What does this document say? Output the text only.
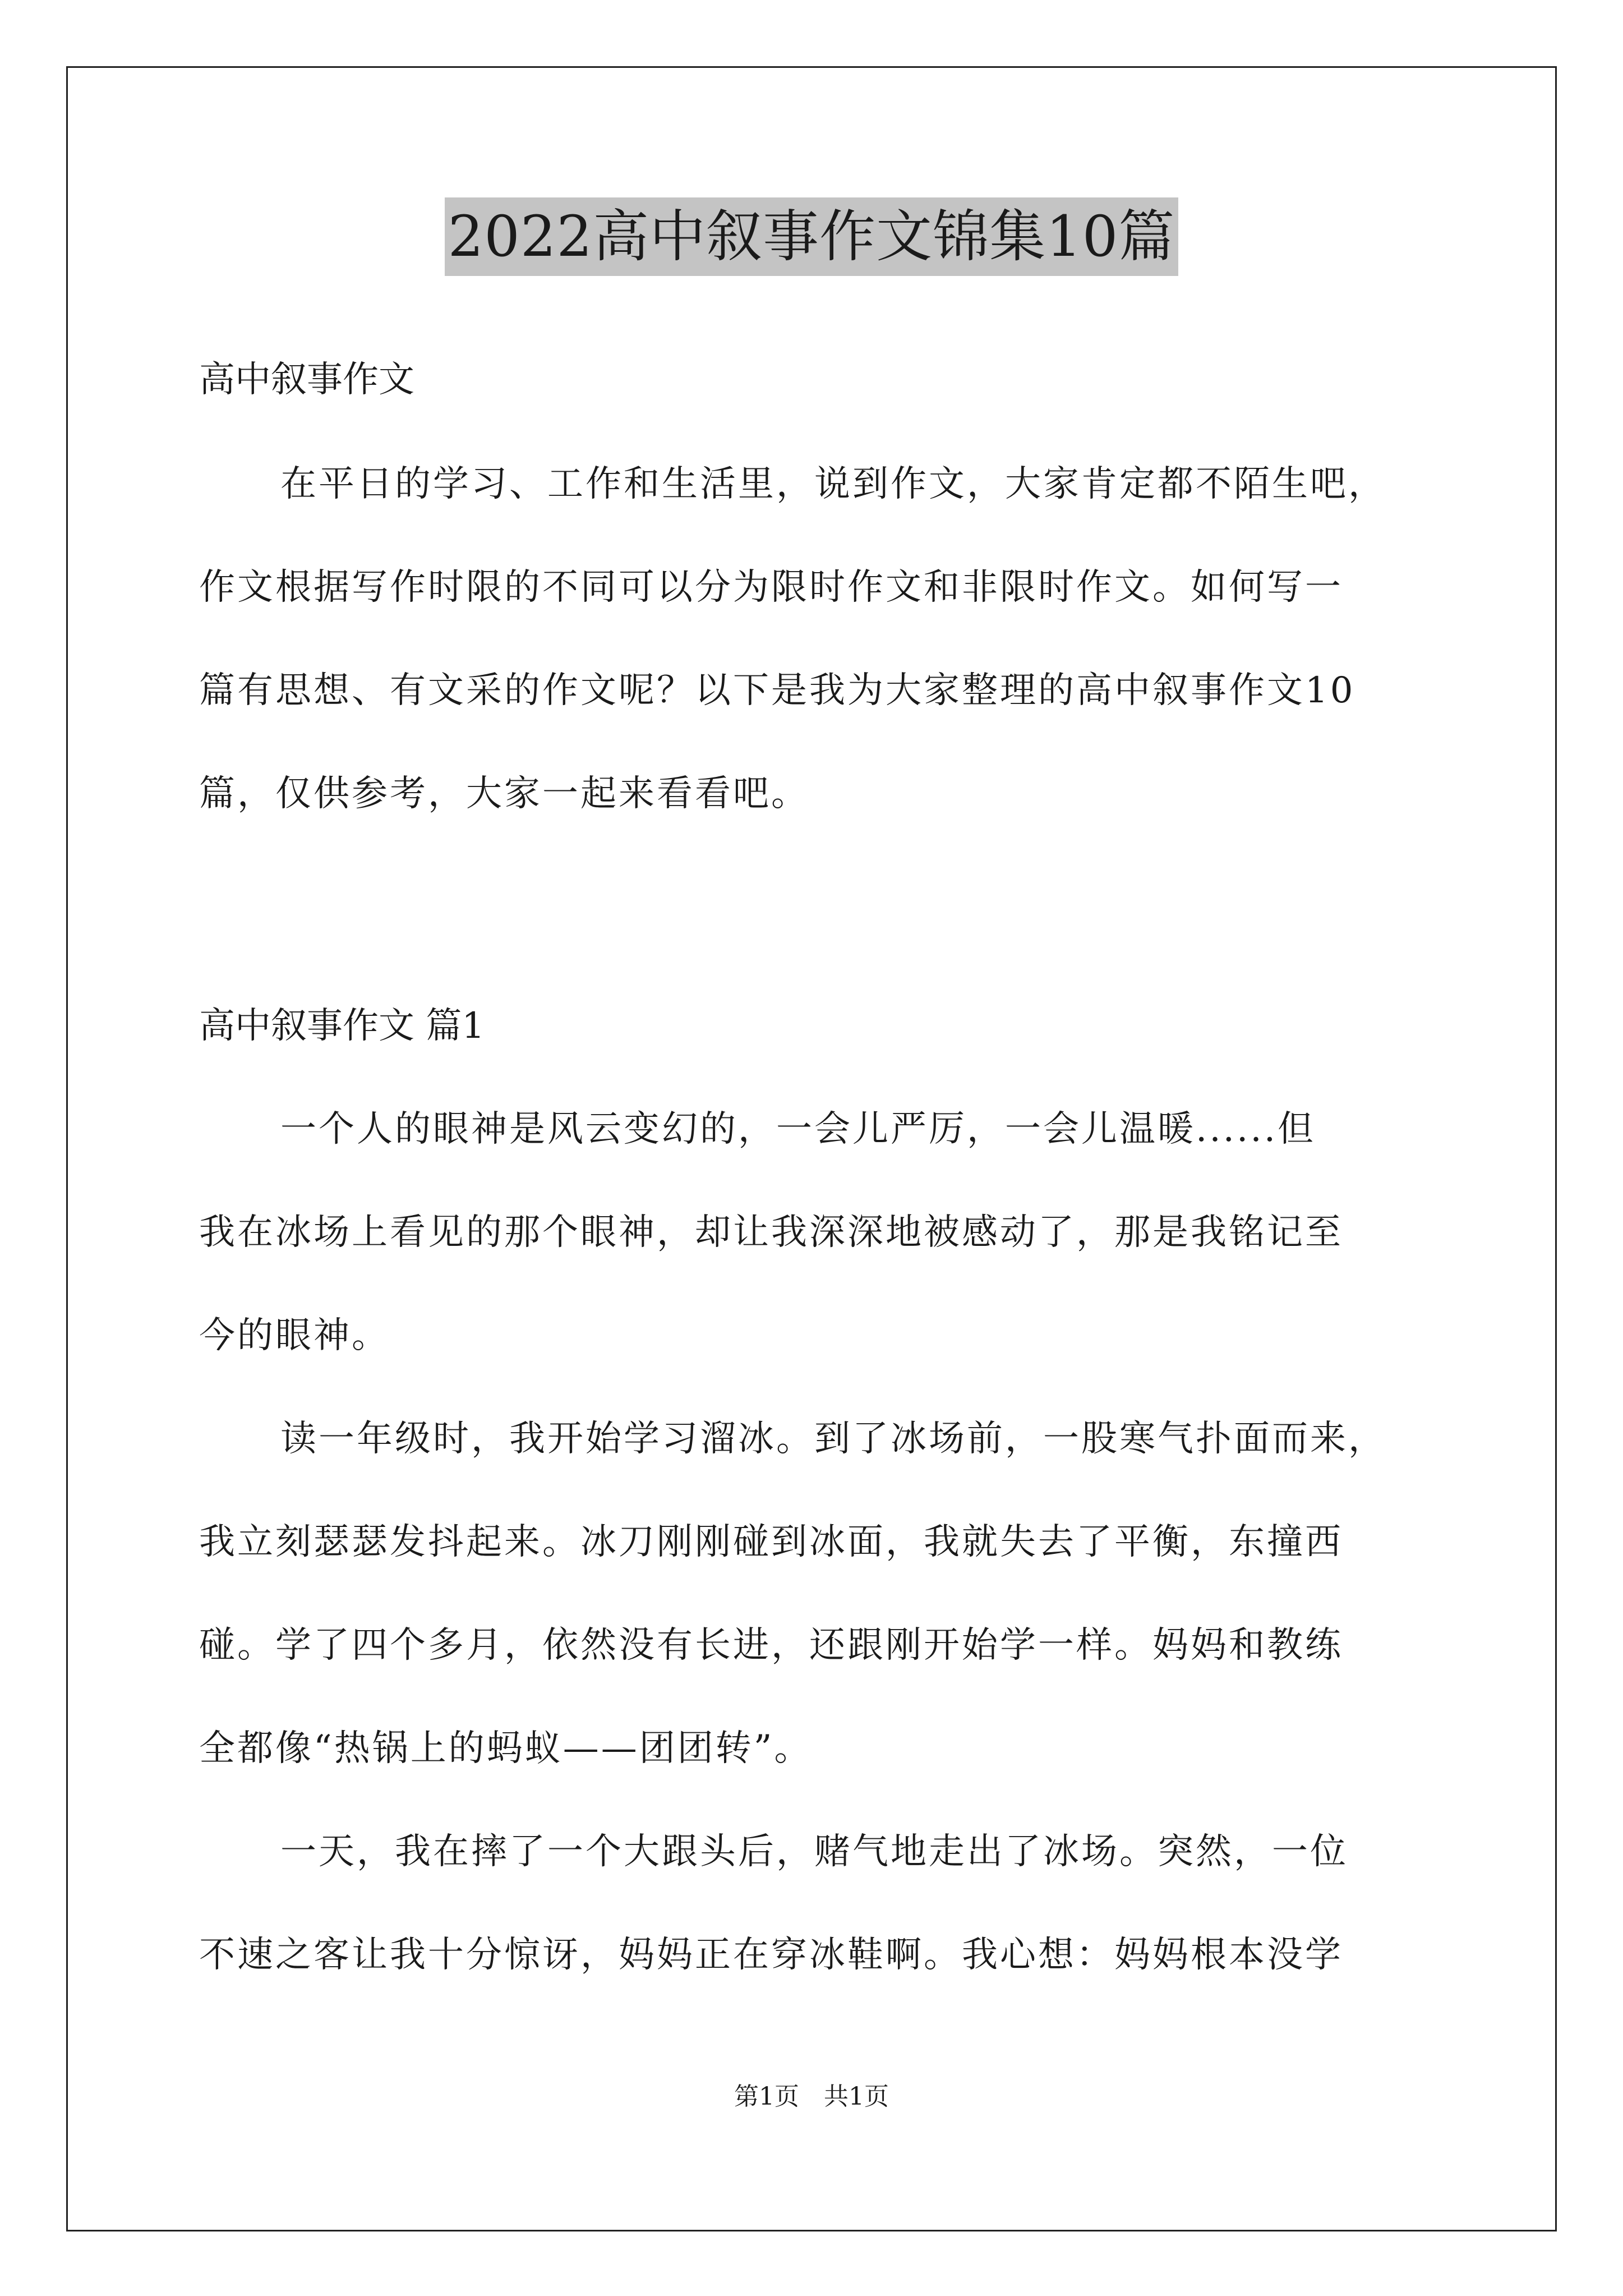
2022高中叙事作文锦集10篇
高中叙事作文
在平日的学习、工作和生活里，说到作文，大家肯定都不陌生吧，
作文根据写作时限的不同可以分为限时作文和非限时作文。如何写一
篇有思想、有文采的作文呢？以下是我为大家整理的高中叙事作文10
篇，仅供参考，大家一起来看看吧。
高中叙事作文 篇1
一个人的眼神是风云变幻的，一会儿严厉，一会儿温暖......但
我在冰场上看见的那个眼神，却让我深深地被感动了，那是我铭记至
今的眼神。
读一年级时，我开始学习溜冰。到了冰场前，一股寒气扑面而来，
我立刻瑟瑟发抖起来。冰刀刚刚碰到冰面，我就失去了平衡，东撞西
碰。学了四个多月，依然没有长进，还跟刚开始学一样。妈妈和教练
全都像“热锅上的蚂蚁——团团转”。
一天，我在摔了一个大跟头后，赌气地走出了冰场。突然，一位
不速之客让我十分惊讶，妈妈正在穿冰鞋啊。我心想：妈妈根本没学
第1页　共1页
